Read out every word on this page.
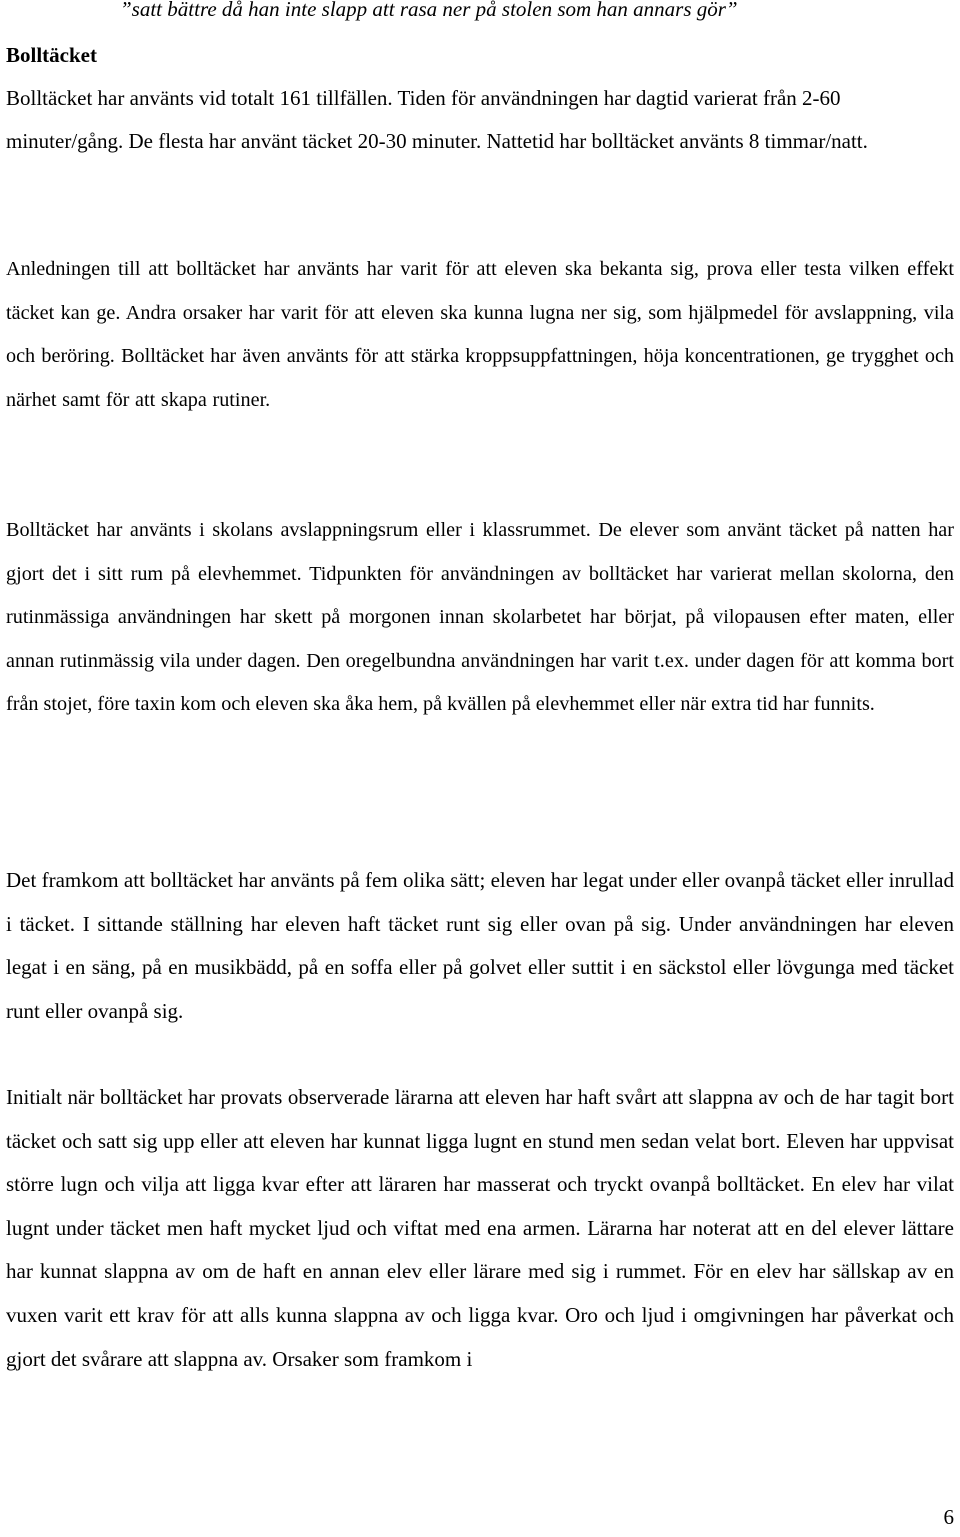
”satt bättre då han inte slapp att rasa ner på stolen som han annars gör”
Bolltäcket

Bolltäcket har använts vid totalt 161 tillfällen. Tiden för användningen har dagtid varierat från 2-60 minuter/gång. De flesta har använt täcket 20-30 minuter. Nattetid har bolltäcket använts 8 timmar/natt.

Anledningen till att bolltäcket har använts har varit för att eleven ska bekanta sig, prova eller testa vilken effekt täcket kan ge. Andra orsaker har varit för att eleven ska kunna lugna ner sig, som hjälpmedel för avslappning, vila och beröring. Bolltäcket har även använts för att stärka kroppsuppfattningen, höja koncentrationen, ge trygghet och närhet samt för att skapa rutiner.

Bolltäcket har använts i skolans avslappningsrum eller i klassrummet. De elever som använt täcket på natten har gjort det i sitt rum på elevhemmet. Tidpunkten för användningen av bolltäcket har varierat mellan skolorna, den rutinmässiga användningen har skett på morgonen innan skolarbetet har börjat, på vilopausen efter maten, eller annan rutinmässig vila under dagen. Den oregelbundna användningen har varit t.ex. under dagen för att komma bort från stojet, före taxin kom och eleven ska åka hem, på kvällen på elevhemmet eller när extra tid har funnits.

Det framkom att bolltäcket har använts på fem olika sätt; eleven har legat under eller ovanpå täcket eller inrullad i täcket. I sittande ställning har eleven haft täcket runt sig eller ovan på sig. Under användningen har eleven legat i en säng, på en musikbädd, på en soffa eller på golvet eller suttit i en säckstol eller lövgunga med täcket runt eller ovanpå sig.

Initialt när bolltäcket har provats observerade lärarna att eleven har haft svårt att slappna av och de har tagit bort täcket och satt sig upp eller att eleven har kunnat ligga lugnt en stund men sedan velat bort. Eleven har uppvisat större lugn och vilja att ligga kvar efter att läraren har masserat och tryckt ovanpå bolltäcket. En elev har vilat lugnt under täcket men haft mycket ljud och viftat med ena armen. Lärarna har noterat att en del elever lättare har kunnat slappna av om de haft en annan elev eller lärare med sig i rummet. För en elev har sällskap av en vuxen varit ett krav för att alls kunna slappna av och ligga kvar. Oro och ljud i omgivningen har påverkat och gjort det svårare att slappna av. Orsaker som framkom i

6
